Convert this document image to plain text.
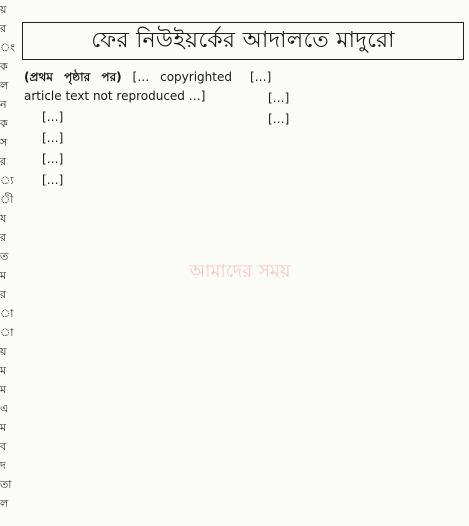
য়
র
ং
ক
ল
ন
ক
স
র
্য
ী
য
র
ত
ম
র
া
া
য়
ম
ম
এ
ম
ব
দ
তা
ল
ফের নিউইয়র্কের আদালতে মাদুরো

(প্রথম পৃষ্ঠার পর) [… copyrighted article text not reproduced …]

[…]

[…]

[…]

[…]

[…]

[…]

[…]

আমাদের সময়
